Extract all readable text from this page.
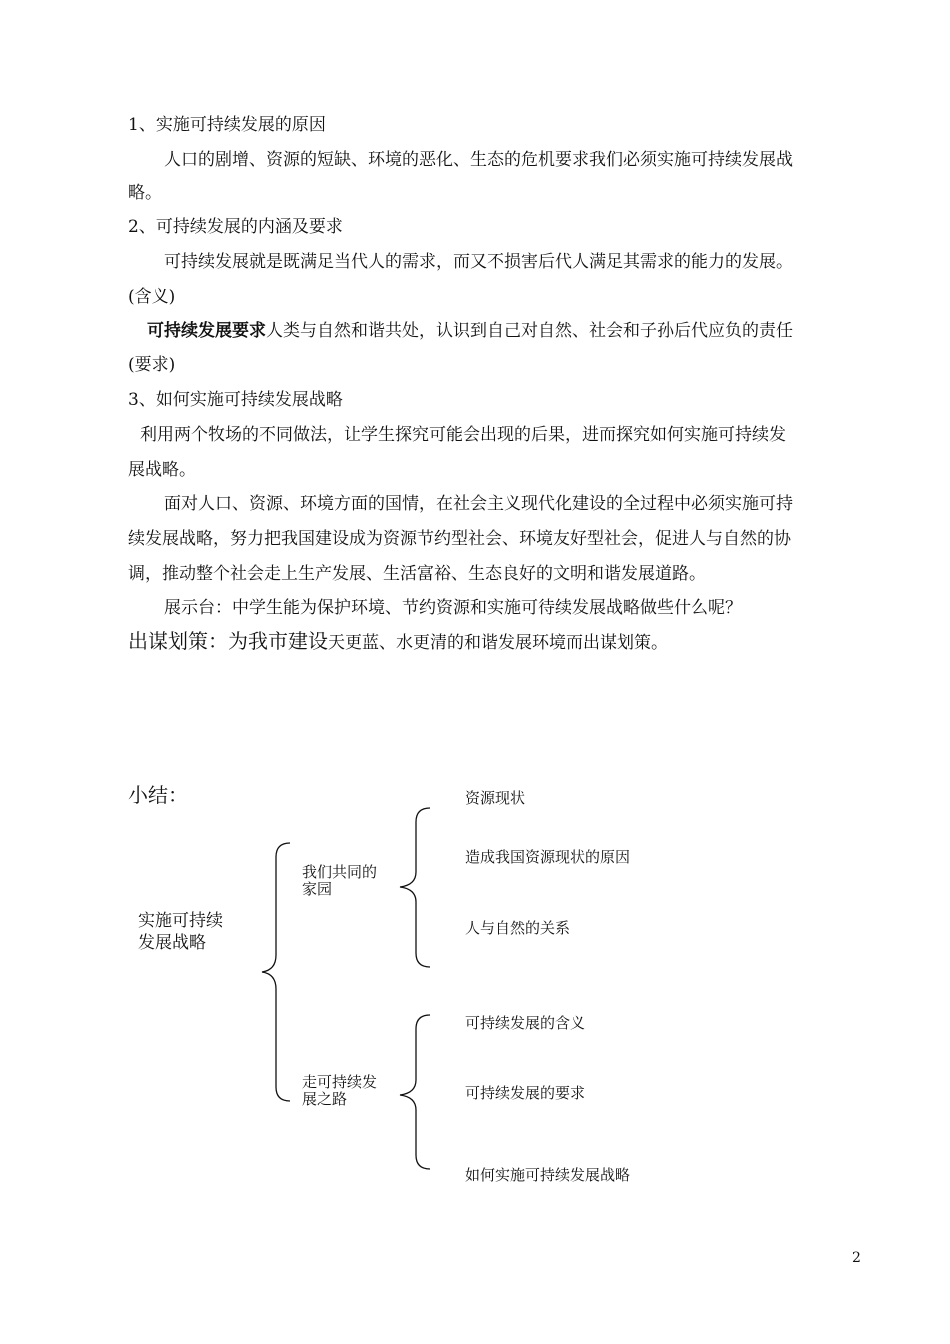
1、实施可持续发展的原因
人口的剧增、资源的短缺、环境的恶化、生态的危机要求我们必须实施可持续发展战
略。
2、可持续发展的内涵及要求
可持续发展就是既满足当代人的需求，而又不损害后代人满足其需求的能力的发展。
(含义)
可持续发展要求人类与自然和谐共处，认识到自己对自然、社会和子孙后代应负的责任
(要求)
3、如何实施可持续发展战略
利用两个牧场的不同做法，让学生探究可能会出现的后果，进而探究如何实施可持续发
展战略。
面对人口、资源、环境方面的国情，在社会主义现代化建设的全过程中必须实施可持
续发展战略，努力把我国建设成为资源节约型社会、环境友好型社会，促进人与自然的协
调，推动整个社会走上生产发展、生活富裕、生态良好的文明和谐发展道路。
展示台：中学生能为保护环境、节约资源和实施可待续发展战略做些什么呢？
出谋划策：为我市建设天更蓝、水更清的和谐发展环境而出谋划策。
小结：
实施可持续
发展战略
我们共同的
家园
走可持续发
展之路
资源现状
造成我国资源现状的原因
人与自然的关系
可持续发展的含义
可持续发展的要求
如何实施可持续发展战略
2
